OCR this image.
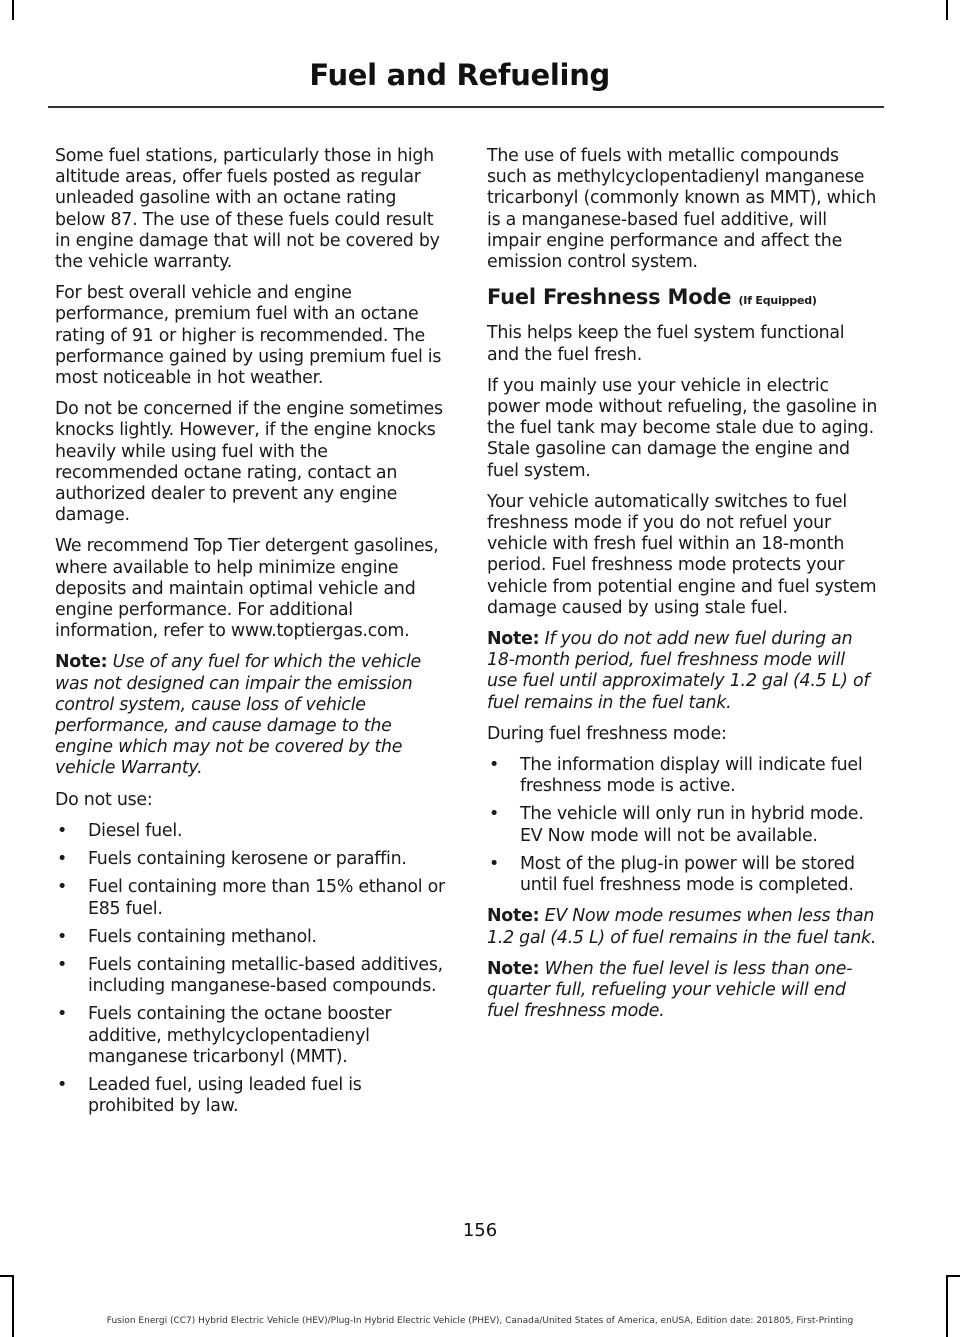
Fuel and Refueling

Some fuel stations, particularly those in high altitude areas, offer fuels posted as regular unleaded gasoline with an octane rating below 87. The use of these fuels could result in engine damage that will not be covered by the vehicle warranty.

For best overall vehicle and engine performance, premium fuel with an octane rating of 91 or higher is recommended. The performance gained by using premium fuel is most noticeable in hot weather.

Do not be concerned if the engine sometimes knocks lightly. However, if the engine knocks heavily while using fuel with the recommended octane rating, contact an authorized dealer to prevent any engine damage.

We recommend Top Tier detergent gasolines, where available to help minimize engine deposits and maintain optimal vehicle and engine performance. For additional information, refer to www.toptiergas.com.

Note: Use of any fuel for which the vehicle was not designed can impair the emission control system, cause loss of vehicle performance, and cause damage to the engine which may not be covered by the vehicle Warranty.

Do not use:

• Diesel fuel.
• Fuels containing kerosene or paraffin.
• Fuel containing more than 15% ethanol or E85 fuel.
• Fuels containing methanol.
• Fuels containing metallic-based additives, including manganese-based compounds.
• Fuels containing the octane booster additive, methylcyclopentadienyl manganese tricarbonyl (MMT).
• Leaded fuel, using leaded fuel is prohibited by law.

The use of fuels with metallic compounds such as methylcyclopentadienyl manganese tricarbonyl (commonly known as MMT), which is a manganese-based fuel additive, will impair engine performance and affect the emission control system.

Fuel Freshness Mode (If Equipped)

This helps keep the fuel system functional and the fuel fresh.

If you mainly use your vehicle in electric power mode without refueling, the gasoline in the fuel tank may become stale due to aging. Stale gasoline can damage the engine and fuel system.

Your vehicle automatically switches to fuel freshness mode if you do not refuel your vehicle with fresh fuel within an 18-month period. Fuel freshness mode protects your vehicle from potential engine and fuel system damage caused by using stale fuel.

Note: If you do not add new fuel during an 18-month period, fuel freshness mode will use fuel until approximately 1.2 gal (4.5 L) of fuel remains in the fuel tank.

During fuel freshness mode:

• The information display will indicate fuel freshness mode is active.
• The vehicle will only run in hybrid mode. EV Now mode will not be available.
• Most of the plug-in power will be stored until fuel freshness mode is completed.

Note: EV Now mode resumes when less than 1.2 gal (4.5 L) of fuel remains in the fuel tank.

Note: When the fuel level is less than one-quarter full, refueling your vehicle will end fuel freshness mode.

156
Fusion Energi (CC7) Hybrid Electric Vehicle (HEV)/Plug-In Hybrid Electric Vehicle (PHEV), Canada/United States of America, enUSA, Edition date: 201805, First-Printing
